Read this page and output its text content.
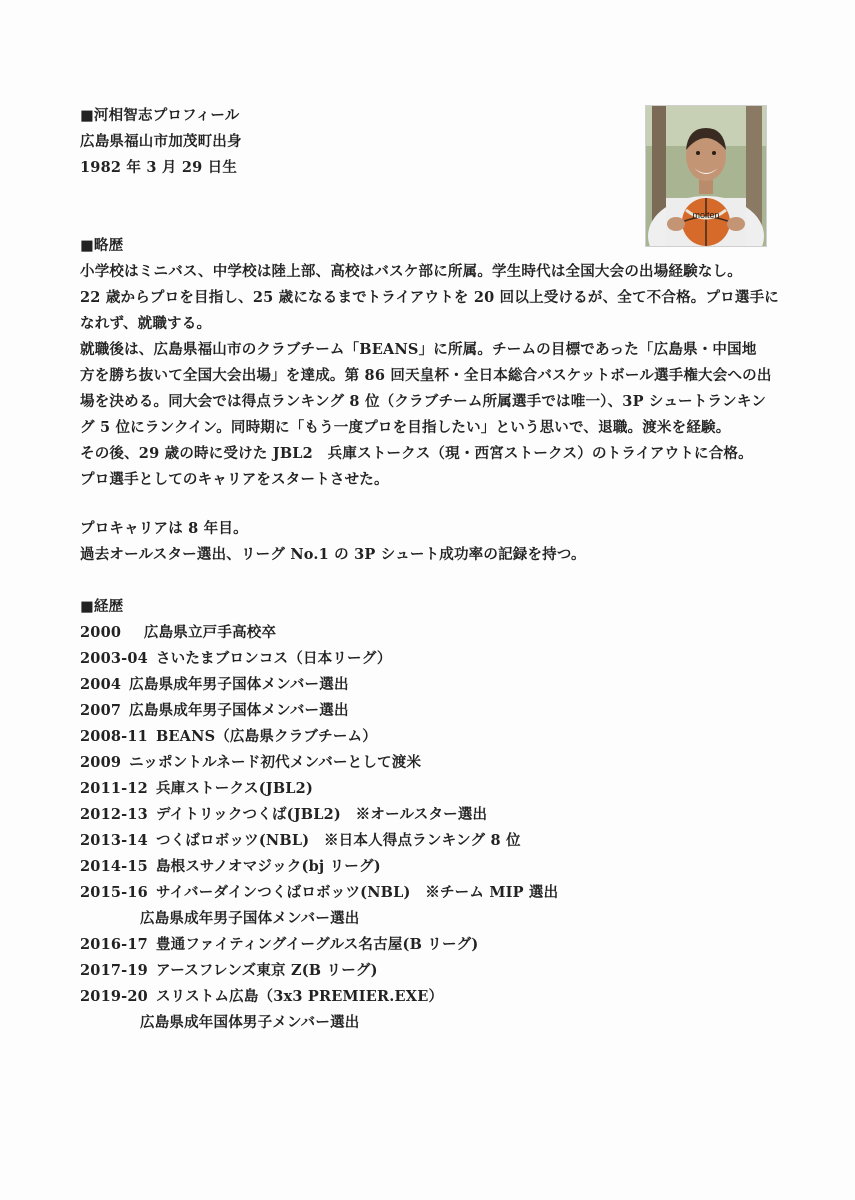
■河相智志プロフィール
広島県福山市加茂町出身
1982 年 3 月 29 日生
molten
■略歴
小学校はミニバス、中学校は陸上部、高校はバスケ部に所属。学生時代は全国大会の出場経験なし。
22 歳からプロを目指し、25 歳になるまでトライアウトを 20 回以上受けるが、全て不合格。プロ選手に
なれず、就職する。
就職後は、広島県福山市のクラブチーム「BEANS」に所属。チームの目標であった「広島県・中国地
方を勝ち抜いて全国大会出場」を達成。第 86 回天皇杯・全日本総合バスケットボール選手権大会への出
場を決める。同大会では得点ランキング 8 位（クラブチーム所属選手では唯一）、3P シュートランキン
グ 5 位にランクイン。同時期に「もう一度プロを目指したい」という思いで、退職。渡米を経験。
その後、29 歳の時に受けた JBL2　兵庫ストークス（現・西宮ストークス）のトライアウトに合格。
プロ選手としてのキャリアをスタートさせた。
プロキャリアは 8 年目。
過去オールスター選出、リーグ No.1 の 3P シュート成功率の記録を持つ。
■経歴
2000　広島県立戸手高校卒
2003-04 さいたまブロンコス（日本リーグ）
2004 広島県成年男子国体メンバー選出
2007 広島県成年男子国体メンバー選出
2008-11 BEANS（広島県クラブチーム）
2009 ニッポントルネード初代メンバーとして渡米
2011-12 兵庫ストークス(JBL2)
2012-13 デイトリックつくば(JBL2)　※オールスター選出
2013-14 つくばロボッツ(NBL)　※日本人得点ランキング 8 位
2014-15 島根スサノオマジック(bj リーグ)
2015-16 サイバーダインつくばロボッツ(NBL)　※チーム MIP 選出
広島県成年男子国体メンバー選出
2016-17 豊通ファイティングイーグルス名古屋(B リーグ)
2017-19 アースフレンズ東京 Z(B リーグ)
2019-20 スリストム広島（3x3 PREMIER.EXE）
広島県成年国体男子メンバー選出
